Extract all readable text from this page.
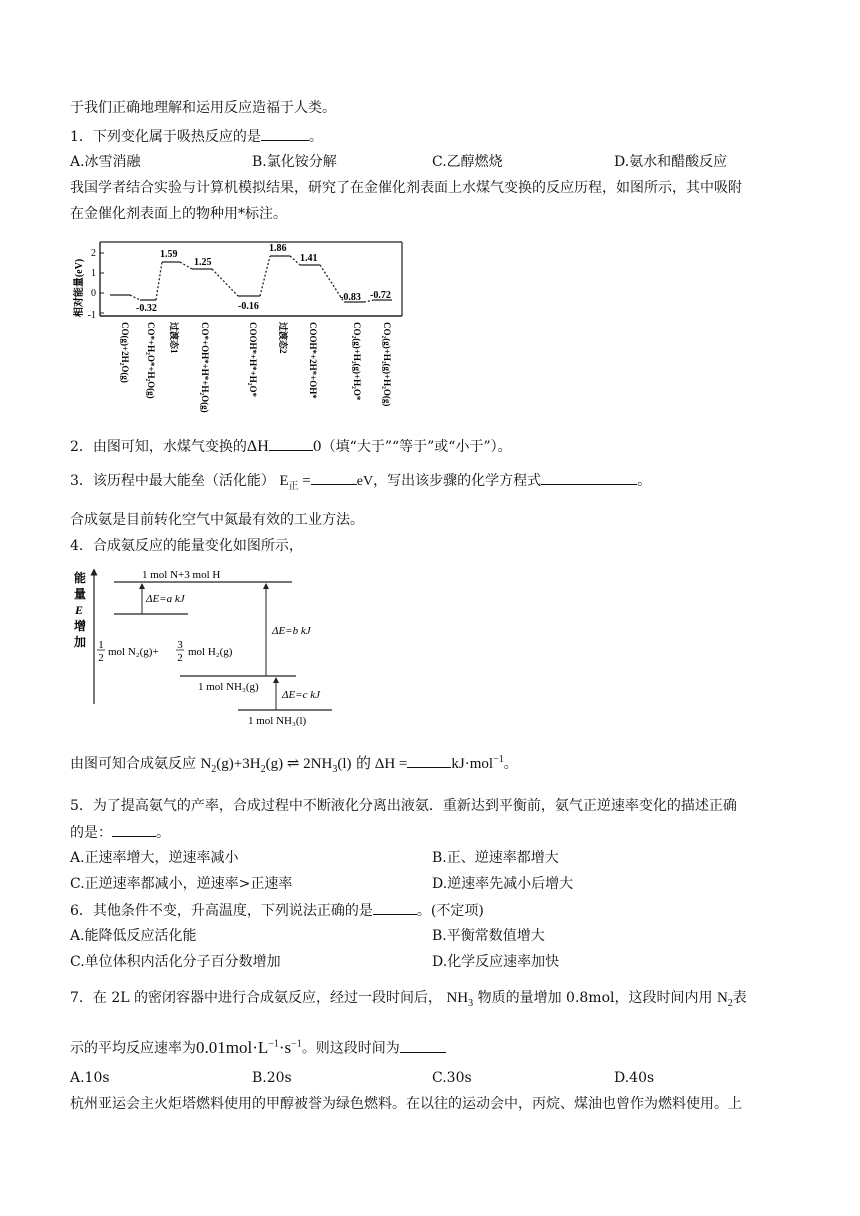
于我们正确地理解和运用反应造福于人类。
1．下列变化属于吸热反应的是	。
A.冰雪消融	B.氯化铵分解	C.乙醇燃烧	D.氨水和醋酸反应
我国学者结合实验与计算机模拟结果，研究了在金催化剂表面上水煤气变换的反应历程，如图所示，其中吸附
在金催化剂表面上的物种用*标注。
相对能量(eV)
2
1
0
-1
1.59
1.25
-0.32	-0.16
1.86
1.41
-0.83 -0.72
CO(g)+2H₂O(g) CO*+H₂O*+H₂O(g) 过渡态1 CO*+OH*+H*+H₂O(g)	COOH*+H*+H₂O* 过渡态2 COOH*+2H*+OH*	CO₂(g)+H₂(g)+H₂O* CO₂(g)+H₂(g)+H₂O(g)
2．由图可知，水煤气变换的ΔH	0（填“大于”“等于”或“小于”）。
3．该历程中最大能垒（活化能） $E_正$ =	eV，写出该步骤的化学方程式	。
合成氨是目前转化空气中氮最有效的工业方法。
4．合成氨反应的能量变化如图所示，
能
量
E
增
加
1 mol N+3 mol H
ΔE=a kJ
1
2 mol N₂(g)+
3
2 mol H₂(g)
ΔE=b kJ
1 mol NH₃(g)
ΔE=c kJ
1 mol NH₃(l)
由图可知合成氨反应 $N_2(g)+3H_2(g)$ ⇌ $2NH_3(l)$ 的 ΔH =	kJ·mol$^{-1}$。
5．为了提高氨气的产率，合成过程中不断液化分离出液氨．重新达到平衡前，氨气正逆速率变化的描述正确
的是：	。
A.正速率增大，逆速率减小	B.正、逆速率都增大
C.正逆速率都减小，逆速率>正速率	D.逆速率先减小后增大
6．其他条件不变，升高温度，下列说法正确的是	。(不定项)
A.能降低反应活化能	B.平衡常数值增大
C.单位体积内活化分子百分数增加	D.化学反应速率加快
7．在 2L 的密闭容器中进行合成氨反应，经过一段时间后， $NH_3$ 物质的量增加 0.8mol，这段时间内用 $N_2$表
示的平均反应速率为$0.01mol\cdot L^{-1}\cdot s^{-1}$。则这段时间为
A.10s	B.20s	C.30s	D.40s
杭州亚运会主火炬塔燃料使用的甲醇被誉为绿色燃料。在以往的运动会中，丙烷、煤油也曾作为燃料使用。上
